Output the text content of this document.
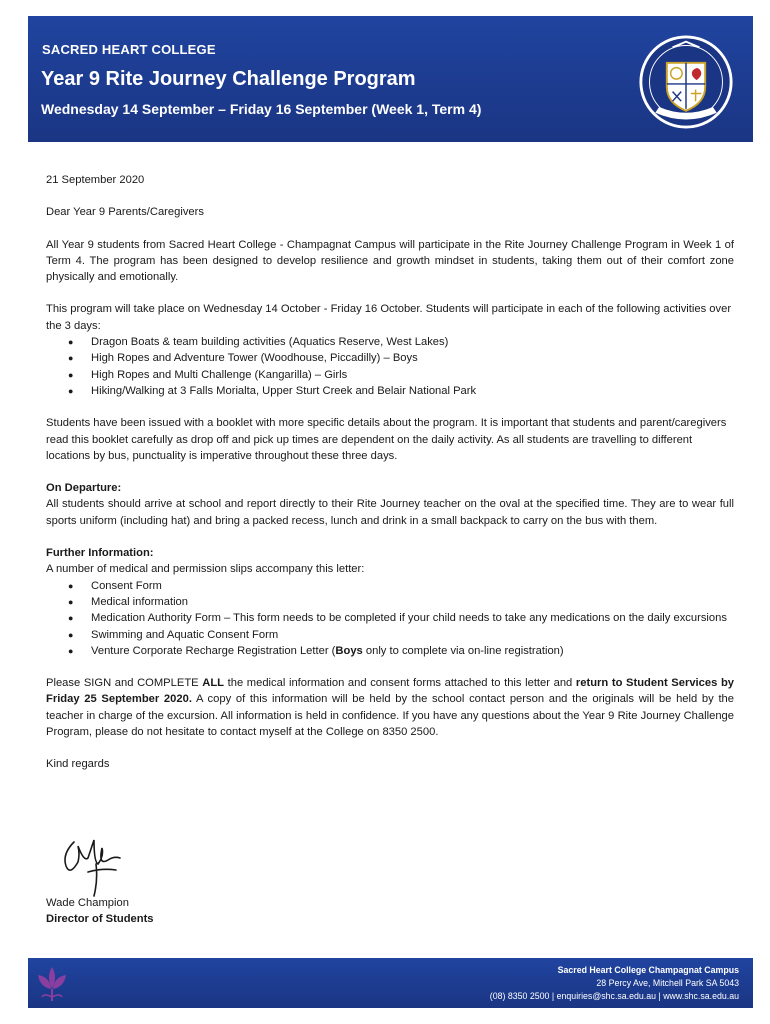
SACRED HEART COLLEGE
Year 9 Rite Journey Challenge Program
Wednesday 14 September – Friday 16 September (Week 1, Term 4)

21 September 2020

Dear Year 9 Parents/Caregivers

All Year 9 students from Sacred Heart College - Champagnat Campus will participate in the Rite Journey Challenge Program in Week 1 of Term 4. The program has been designed to develop resilience and growth mindset in students, taking them out of their comfort zone physically and emotionally.

This program will take place on Wednesday 14 October - Friday 16 October. Students will participate in each of the following activities over the 3 days:

● Dragon Boats & team building activities (Aquatics Reserve, West Lakes)
● High Ropes and Adventure Tower (Woodhouse, Piccadilly) – Boys
● High Ropes and Multi Challenge (Kangarilla) – Girls
● Hiking/Walking at 3 Falls Morialta, Upper Sturt Creek and Belair National Park

Students have been issued with a booklet with more specific details about the program. It is important that students and parent/caregivers read this booklet carefully as drop off and pick up times are dependent on the daily activity. As all students are travelling to different locations by bus, punctuality is imperative throughout these three days.

On Departure:

All students should arrive at school and report directly to their Rite Journey teacher on the oval at the specified time. They are to wear full sports uniform (including hat) and bring a packed recess, lunch and drink in a small backpack to carry on the bus with them.

Further Information:

A number of medical and permission slips accompany this letter:

● Consent Form
● Medical information
● Medication Authority Form – This form needs to be completed if your child needs to take any medications on the daily excursions
● Swimming and Aquatic Consent Form
● Venture Corporate Recharge Registration Letter (Boys only to complete via on-line registration)

Please SIGN and COMPLETE ALL the medical information and consent forms attached to this letter and return to Student Services by Friday 25 September 2020. A copy of this information will be held by the school contact person and the originals will be held by the teacher in charge of the excursion. All information is held in confidence. If you have any questions about the Year 9 Rite Journey Challenge Program, please do not hesitate to contact myself at the College on 8350 2500.

Kind regards

Wade Champion
Director of Students
Sacred Heart College Champagnat Campus
28 Percy Ave, Mitchell Park SA 5043
(08) 8350 2500 | enquiries@shc.sa.edu.au | www.shc.sa.edu.au
